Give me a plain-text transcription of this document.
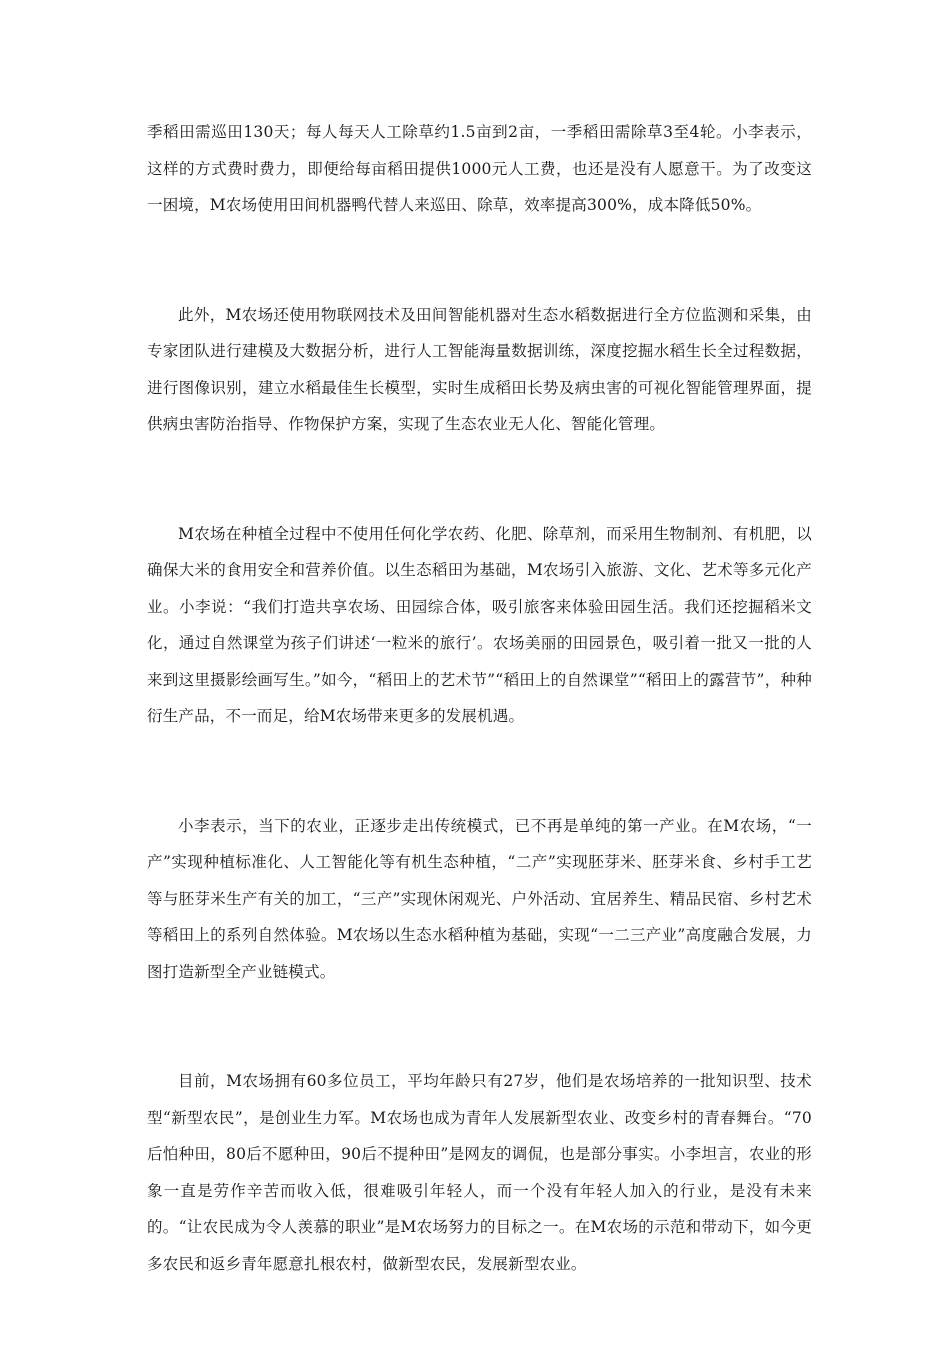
季稻田需巡田130天；每人每天人工除草约1.5亩到2亩，一季稻田需除草3至4轮。小李表示，这样的方式费时费力，即便给每亩稻田提供1000元人工费，也还是没有人愿意干。为了改变这一困境，M农场使用田间机器鸭代替人来巡田、除草，效率提高300%，成本降低50%。

此外，M农场还使用物联网技术及田间智能机器对生态水稻数据进行全方位监测和采集，由专家团队进行建模及大数据分析，进行人工智能海量数据训练，深度挖掘水稻生长全过程数据，进行图像识别，建立水稻最佳生长模型，实时生成稻田长势及病虫害的可视化智能管理界面，提供病虫害防治指导、作物保护方案，实现了生态农业无人化、智能化管理。

M农场在种植全过程中不使用任何化学农药、化肥、除草剂，而采用生物制剂、有机肥，以确保大米的食用安全和营养价值。以生态稻田为基础，M农场引入旅游、文化、艺术等多元化产业。小李说：“我们打造共享农场、田园综合体，吸引旅客来体验田园生活。我们还挖掘稻米文化，通过自然课堂为孩子们讲述‘一粒米的旅行’。农场美丽的田园景色，吸引着一批又一批的人来到这里摄影绘画写生。”如今，“稻田上的艺术节”“稻田上的自然课堂”“稻田上的露营节”，种种衍生产品，不一而足，给M农场带来更多的发展机遇。

小李表示，当下的农业，正逐步走出传统模式，已不再是单纯的第一产业。在M农场，“一产”实现种植标准化、人工智能化等有机生态种植，“二产”实现胚芽米、胚芽米食、乡村手工艺等与胚芽米生产有关的加工，“三产”实现休闲观光、户外活动、宜居养生、精品民宿、乡村艺术等稻田上的系列自然体验。M农场以生态水稻种植为基础，实现“一二三产业”高度融合发展，力图打造新型全产业链模式。

目前，M农场拥有60多位员工，平均年龄只有27岁，他们是农场培养的一批知识型、技术型“新型农民”，是创业生力军。M农场也成为青年人发展新型农业、改变乡村的青春舞台。“70后怕种田，80后不愿种田，90后不提种田”是网友的调侃，也是部分事实。小李坦言，农业的形象一直是劳作辛苦而收入低，很难吸引年轻人，而一个没有年轻人加入的行业，是没有未来的。“让农民成为令人羡慕的职业”是M农场努力的目标之一。在M农场的示范和带动下，如今更多农民和返乡青年愿意扎根农村，做新型农民，发展新型农业。
